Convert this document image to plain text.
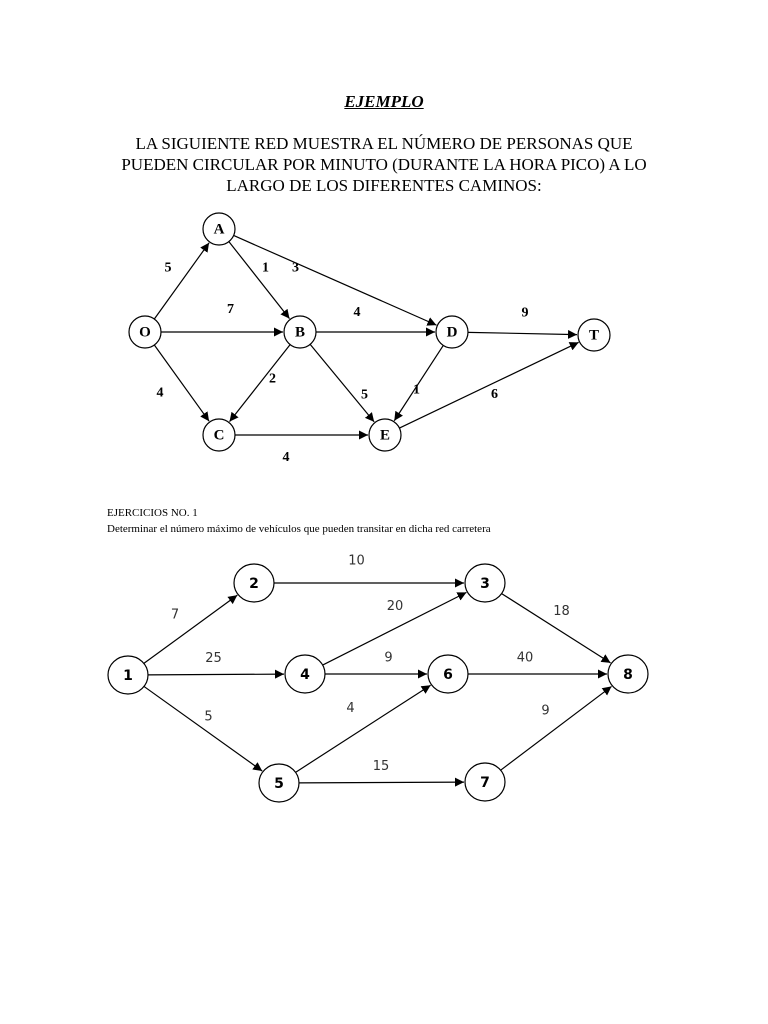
EJEMPLO
LA SIGUIENTE RED MUESTRA EL NÚMERO DE PERSONAS QUE
PUEDEN CIRCULAR POR MINUTO (DURANTE LA HORA PICO) A LO
LARGO DE LOS DIFERENTES CAMINOS:
5
7
4
1 3
4
2
5
4
1
9
6
O
A
B
C
D
E
T
EJERCICIOS NO. 1
Determinar el número máximo de vehículos que pueden transitar en dicha red carretera
7
25
5
10
20
9
4
15
18
40
9
1
2	3
4
5
6
7
8
